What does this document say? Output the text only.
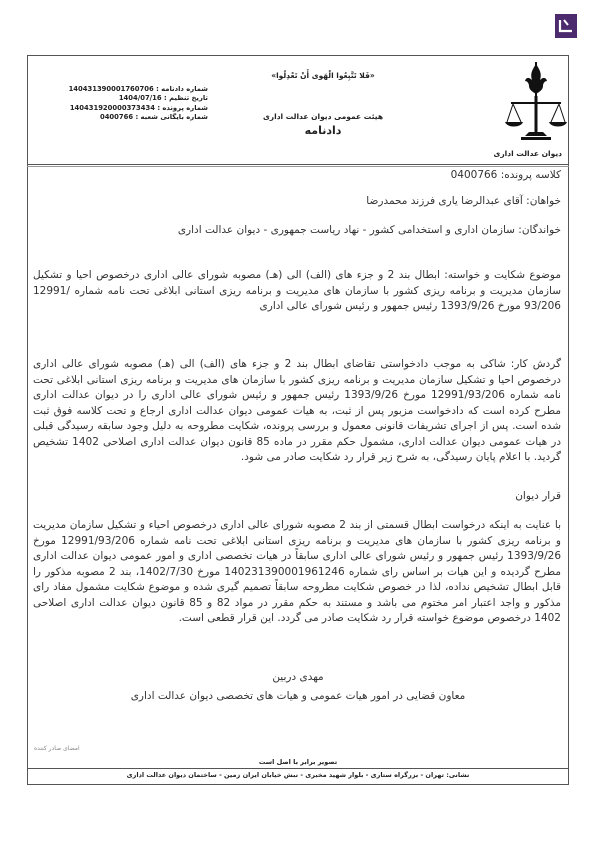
دیوان عدالت اداری
«فَلا تَتَّبِعُوا الْهَوى أَنْ تَعْدِلُوا»
هیئت عمومی دیوان عدالت اداری
دادنامه
شماره دادنامه : 140431390001760706
تاریخ تنظیم : 1404/07/16
شماره پرونده : 140431920000373434
شماره بایگانی شعبه : 0400766
کلاسه پرونده: 0400766
خواهان: آقای عبدالرضا یاری فرزند محمدرضا
خواندگان: سازمان اداری و استخدامی کشور - نهاد ریاست جمهوری - دیوان عدالت اداری
موضوع شکایت و خواسته: ابطال بند 2 و جزء های (الف) الی (هـ) مصوبه شورای عالی اداری درخصوص احیا و تشکیل سازمان مدیریت و برنامه ریزی کشور با سازمان های مدیریت و برنامه ریزی استانی ابلاغی تحت نامه شماره /12991 93/206 مورخ 1393/9/26 رئیس جمهور و رئیس شورای عالی اداری
گردش کار: شاکی به موجب دادخواستی تقاضای ابطال بند 2 و جزء های (الف) الی (هـ) مصوبه شورای عالی اداری درخصوص احیا و تشکیل سازمان مدیریت و برنامه ریزی کشور با سازمان های مدیریت و برنامه ریزی استانی ابلاغی تحت نامه شماره 12991/93/206 مورخ 1393/9/26 رئیس جمهور و رئیس شورای عالی اداری را در دیوان عدالت اداری مطرح کرده است که دادخواست مزبور پس از ثبت، به هیات عمومی دیوان عدالت اداری ارجاع و تحت کلاسه فوق ثبت شده است. پس از اجرای تشریفات قانونی معمول و بررسی پرونده، شکایت مطروحه به دلیل وجود سابقه رسیدگی قبلی در هیات عمومی دیوان عدالت اداری، مشمول حکم مقرر در ماده 85 قانون دیوان عدالت اداری اصلاحی 1402 تشخیص گردید. با اعلام پایان رسیدگی، به شرح زیر قرار رد شکایت صادر می شود.
قرار دیوان
با عنایت به اینکه درخواست ابطال قسمتی از بند 2 مصوبه شورای عالی اداری درخصوص احیاء و تشکیل سازمان مدیریت و برنامه ریزی کشور با سازمان های مدیریت و برنامه ریزی استانی ابلاغی تحت نامه شماره 12991/93/206 مورخ 1393/9/26 رئیس جمهور و رئیس شورای عالی اداری سابقاً در هیات تخصصی اداری و امور عمومی دیوان عدالت اداری مطرح گردیده و این هیات بر اساس رای شماره 140231390001961246 مورخ 1402/7/30، بند 2 مصوبه مذکور را قابل ابطال تشخیص نداده، لذا در خصوص شکایت مطروحه سابقاً تصمیم گیری شده و موضوع شکایت مشمول مفاد رای مذکور و واجد اعتبار امر مختوم می باشد و مستند به حکم مقرر در مواد 82 و 85 قانون دیوان عدالت اداری اصلاحی 1402 درخصوص موضوع خواسته قرار رد شکایت صادر می گردد. این قرار قطعی است.
مهدی دربین
معاون قضایی در امور هیات عمومی و هیات های تخصصی دیوان عدالت اداری
امضای صادر کننده
تصویر برابر با اصل است
نشانی: تهران - بزرگراه ستاری - بلوار شهید مخبری - نبش خیابان ایران زمین - ساختمان دیوان عدالت اداری
